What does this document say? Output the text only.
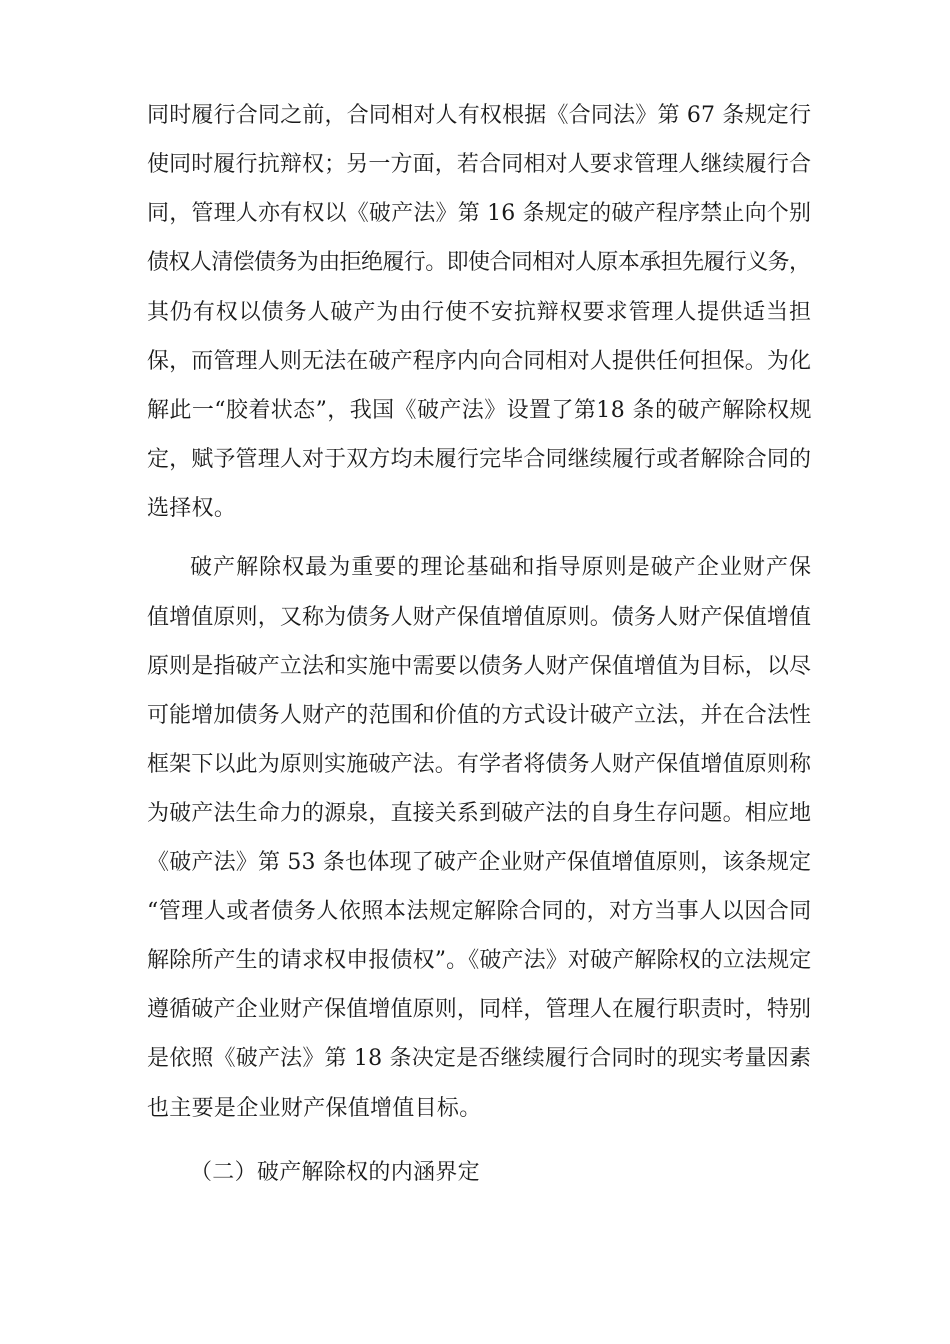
同时履行合同之前，合同相对人有权根据《合同法》第 67 条规定行
使同时履行抗辩权；另一方面，若合同相对人要求管理人继续履行合
同，管理人亦有权以《破产法》第 16 条规定的破产程序禁止向个别
债权人清偿债务为由拒绝履行。即使合同相对人原本承担先履行义务，
其仍有权以债务人破产为由行使不安抗辩权要求管理人提供适当担
保，而管理人则无法在破产程序内向合同相对人提供任何担保。为化
解此一“胶着状态”，我国《破产法》设置了第18 条的破产解除权规
定，赋予管理人对于双方均未履行完毕合同继续履行或者解除合同的
选择权。
破产解除权最为重要的理论基础和指导原则是破产企业财产保
值增值原则，又称为债务人财产保值增值原则。债务人财产保值增值
原则是指破产立法和实施中需要以债务人财产保值增值为目标，以尽
可能增加债务人财产的范围和价值的方式设计破产立法，并在合法性
框架下以此为原则实施破产法。有学者将债务人财产保值增值原则称
为破产法生命力的源泉，直接关系到破产法的自身生存问题。相应地
《破产法》第 53 条也体现了破产企业财产保值增值原则，该条规定
“管理人或者债务人依照本法规定解除合同的，对方当事人以因合同
解除所产生的请求权申报债权”。《破产法》对破产解除权的立法规定
遵循破产企业财产保值增值原则，同样，管理人在履行职责时，特别
是依照《破产法》第 18 条决定是否继续履行合同时的现实考量因素
也主要是企业财产保值增值目标。
（二）破产解除权的内涵界定
